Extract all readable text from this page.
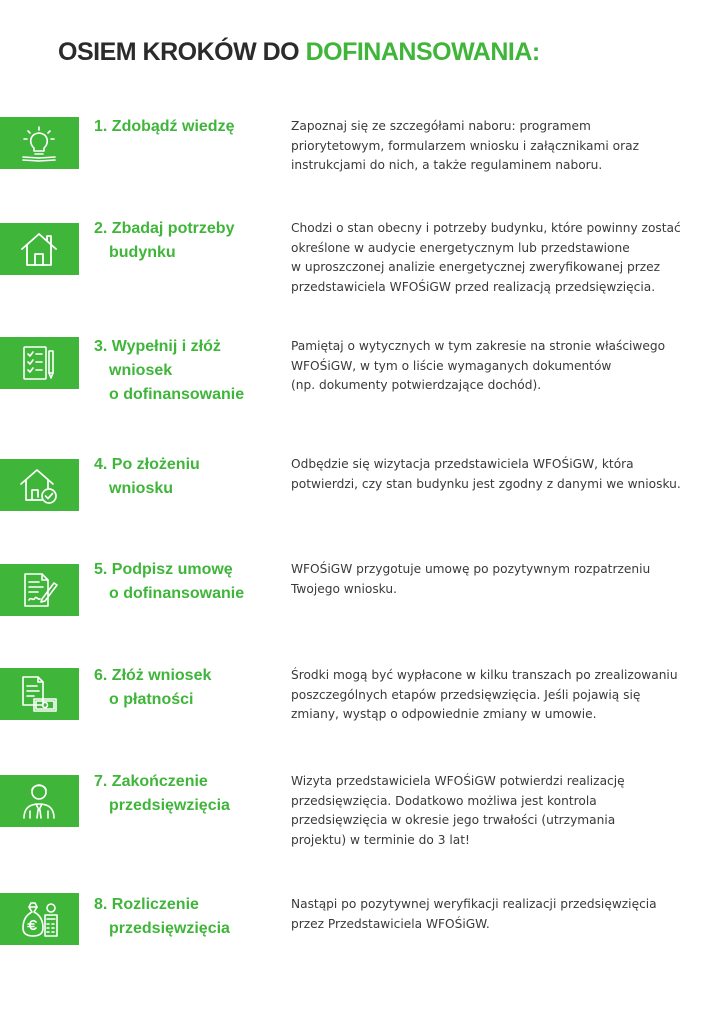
OSIEM KROKÓW DO DOFINANSOWANIA:
1. Zdobądź wiedzę	Zapoznaj się ze szczegółami naboru: programem
priorytetowym, formularzem wniosku i załącznikami oraz
instrukcjami do nich, a także regulaminem naboru.

2. Zbadaj potrzeby
budynku

Chodzi o stan obecny i potrzeby budynku, które powinny zostać
określone w audycie energetycznym lub przedstawione
w uproszczonej analizie energetycznej zweryfikowanej przez
przedstawiciela WFOŚiGW przed realizacją przedsięwzięcia.

3. Wypełnij i złóż
wniosek
o dofinansowanie

Pamiętaj o wytycznych w tym zakresie na stronie właściwego
WFOŚiGW, w tym o liście wymaganych dokumentów
(np. dokumenty potwierdzające dochód).

4. Po złożeniu
wniosku

Odbędzie się wizytacja przedstawiciela WFOŚiGW, która
potwierdzi, czy stan budynku jest zgodny z danymi we wniosku.

5. Podpisz umowę
o dofinansowanie

WFOŚiGW przygotuje umowę po pozytywnym rozpatrzeniu
Twojego wniosku.

6. Złóż wniosek
o płatności

Środki mogą być wypłacone w kilku transzach po zrealizowaniu
poszczególnych etapów przedsięwzięcia. Jeśli pojawią się
zmiany, wystąp o odpowiednie zmiany w umowie.

7. Zakończenie
przedsięwzięcia

Wizyta przedstawiciela WFOŚiGW potwierdzi realizację
przedsięwzięcia. Dodatkowo możliwa jest kontrola
przedsięwzięcia w okresie jego trwałości (utrzymania
projektu) w terminie do 3 lat!

8. Rozliczenie
przedsięwzięcia

Nastąpi po pozytywnej weryfikacji realizacji przedsięwzięcia
przez Przedstawiciela WFOŚiGW.
